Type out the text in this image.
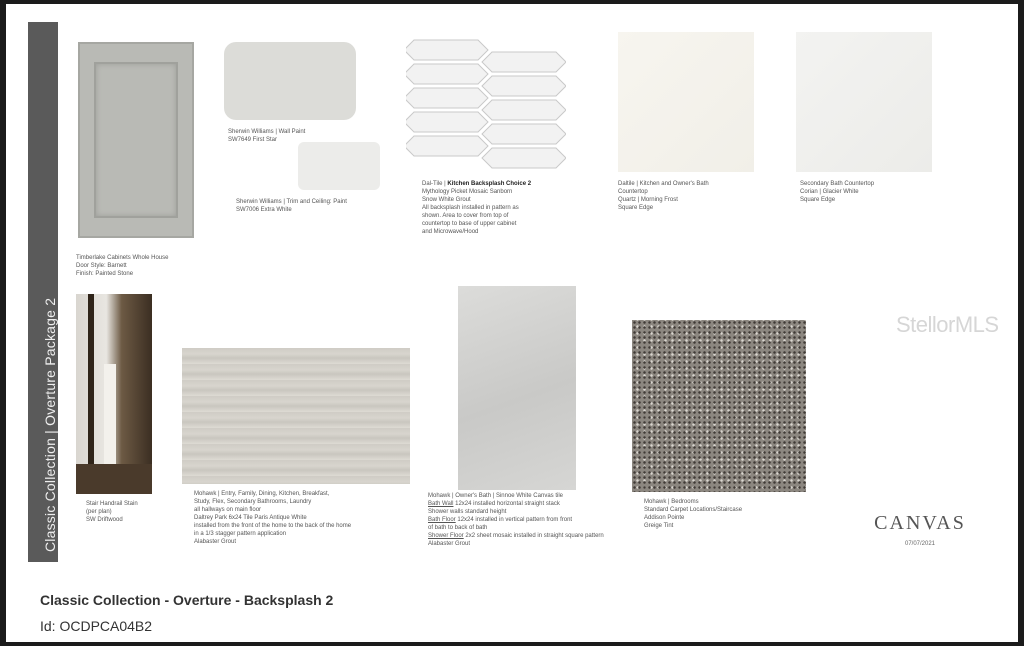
Classic Collection | Overture Package 2
Timberlake Cabinets Whole House
Door Style: Barnett
Finish: Painted Stone
Sherwin Williams | Wall Paint
SW7649 First Star
Sherwin Williams | Trim and Ceiling: Paint
SW7006 Extra White
Dal-Tile | Kitchen Backsplash Choice 2
Mythology Picket Mosaic Sanborn
Snow White Grout
All backsplash installed in pattern as
shown. Area to cover from top of
countertop to base of upper cabinet
and Microwave/Hood
Daltile | Kitchen and Owner's Bath
Countertop
Quartz | Morning Frost
Square Edge
Secondary Bath Countertop
Corian | Glacier White
Square Edge
Stair Handrail Stain
(per plan)
SW Driftwood
Mohawk | Entry, Family, Dining, Kitchen, Breakfast,
Study, Flex, Secondary Bathrooms, Laundry
all hallways on main floor
Daltrey Park 6x24 Tile Paris Antique White
installed from the front of the home to the back of the home
in a 1/3 stagger pattern application
Alabaster Grout
Mohawk | Owner's Bath | Sinnoe White Canvas tile
Bath Wall 12x24 installed horizontal straight stack
Shower walls standard height
Bath Floor 12x24 installed in vertical pattern from front
of bath to back of bath
Shower Floor 2x2 sheet mosaic installed in straight square pattern
Alabaster Grout
Mohawk | Bedrooms
Standard Carpet Locations/Staircase
Addison Pointe
Greige Tint
StellorMLS
CANVAS
07/07/2021
Classic Collection - Overture - Backsplash 2
Id: OCDPCA04B2
